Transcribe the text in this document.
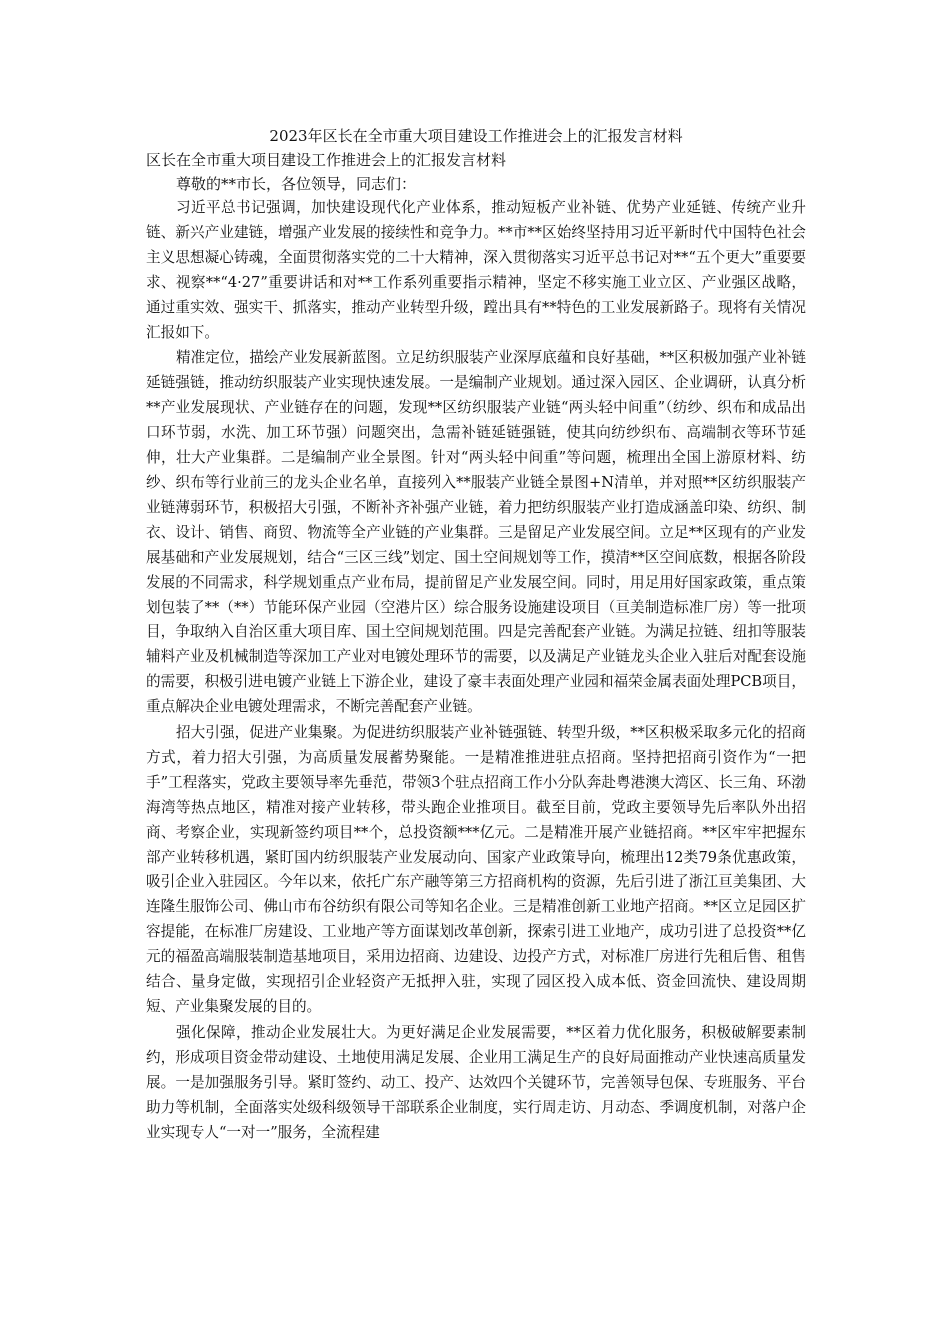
2023年区长在全市重大项目建设工作推进会上的汇报发言材料
区长在全市重大项目建设工作推进会上的汇报发言材料

尊敬的**市长，各位领导，同志们：

习近平总书记强调，加快建设现代化产业体系，推动短板产业补链、优势产业延链、传统产业升链、新兴产业建链，增强产业发展的接续性和竞争力。**市**区始终坚持用习近平新时代中国特色社会主义思想凝心铸魂，全面贯彻落实党的二十大精神，深入贯彻落实习近平总书记对**“五个更大”重要要求、视察**“4·27”重要讲话和对**工作系列重要指示精神，坚定不移实施工业立区、产业强区战略，通过重实效、强实干、抓落实，推动产业转型升级，蹚出具有**特色的工业发展新路子。现将有关情况汇报如下。

精准定位，描绘产业发展新蓝图。立足纺织服装产业深厚底蕴和良好基础，**区积极加强产业补链延链强链，推动纺织服装产业实现快速发展。一是编制产业规划。通过深入园区、企业调研，认真分析**产业发展现状、产业链存在的问题，发现**区纺织服装产业链“两头轻中间重”（纺纱、织布和成品出口环节弱，水洗、加工环节强）问题突出，急需补链延链强链，使其向纺纱织布、高端制衣等环节延伸，壮大产业集群。二是编制产业全景图。针对“两头轻中间重”等问题，梳理出全国上游原材料、纺纱、织布等行业前三的龙头企业名单，直接列入**服装产业链全景图+N清单，并对照**区纺织服装产业链薄弱环节，积极招大引强，不断补齐补强产业链，着力把纺织服装产业打造成涵盖印染、纺织、制衣、设计、销售、商贸、物流等全产业链的产业集群。三是留足产业发展空间。立足**区现有的产业发展基础和产业发展规划，结合“三区三线”划定、国土空间规划等工作，摸清**区空间底数，根据各阶段发展的不同需求，科学规划重点产业布局，提前留足产业发展空间。同时，用足用好国家政策，重点策划包装了**（**）节能环保产业园（空港片区）综合服务设施建设项目（亘美制造标准厂房）等一批项目，争取纳入自治区重大项目库、国土空间规划范围。四是完善配套产业链。为满足拉链、纽扣等服装辅料产业及机械制造等深加工产业对电镀处理环节的需要，以及满足产业链龙头企业入驻后对配套设施的需要，积极引进电镀产业链上下游企业，建设了豪丰表面处理产业园和福荣金属表面处理PCB项目，重点解决企业电镀处理需求，不断完善配套产业链。

招大引强，促进产业集聚。为促进纺织服装产业补链强链、转型升级，**区积极采取多元化的招商方式，着力招大引强，为高质量发展蓄势聚能。一是精准推进驻点招商。坚持把招商引资作为“一把手”工程落实，党政主要领导率先垂范，带领3个驻点招商工作小分队奔赴粤港澳大湾区、长三角、环渤海湾等热点地区，精准对接产业转移，带头跑企业推项目。截至目前，党政主要领导先后率队外出招商、考察企业，实现新签约项目**个，总投资额***亿元。二是精准开展产业链招商。**区牢牢把握东部产业转移机遇，紧盯国内纺织服装产业发展动向、国家产业政策导向，梳理出12类79条优惠政策，吸引企业入驻园区。今年以来，依托广东产融等第三方招商机构的资源，先后引进了浙江亘美集团、大连隆生服饰公司、佛山市布谷纺织有限公司等知名企业。三是精准创新工业地产招商。**区立足园区扩容提能，在标准厂房建设、工业地产等方面谋划改革创新，探索引进工业地产，成功引进了总投资**亿元的福盈高端服装制造基地项目，采用边招商、边建设、边投产方式，对标准厂房进行先租后售、租售结合、量身定做，实现招引企业轻资产无抵押入驻，实现了园区投入成本低、资金回流快、建设周期短、产业集聚发展的目的。

强化保障，推动企业发展壮大。为更好满足企业发展需要，**区着力优化服务，积极破解要素制约，形成项目资金带动建设、土地使用满足发展、企业用工满足生产的良好局面推动产业快速高质量发展。一是加强服务引导。紧盯签约、动工、投产、达效四个关键环节，完善领导包保、专班服务、平台助力等机制，全面落实处级科级领导干部联系企业制度，实行周走访、月动态、季调度机制，对落户企业实现专人“一对一”服务，全流程建
